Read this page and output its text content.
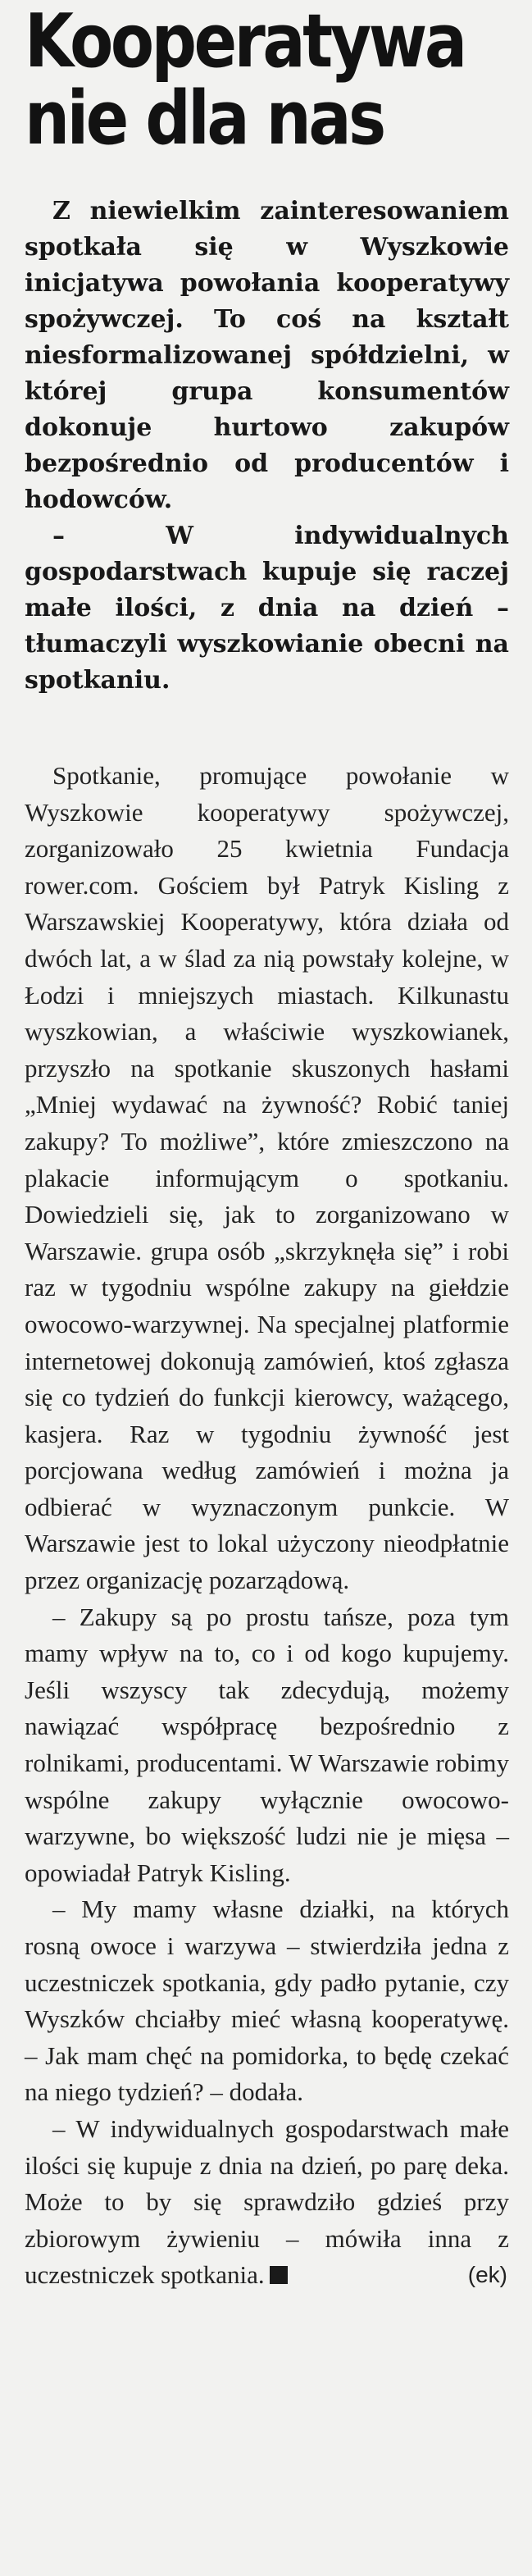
Kooperatywa
nie dla nas

Z niewielkim zainteresowaniem spotkała się w Wyszkowie inicjatywa powołania kooperatywy spożywczej. To coś na kształt niesformalizowanej spółdzielni, w której grupa konsumentów dokonuje hurtowo zakupów bezpośrednio od producentów i hodowców.

– W indywidualnych gospodarstwach kupuje się raczej małe ilości, z dnia na dzień – tłumaczyli wyszkowianie obecni na spotkaniu.

Spotkanie, promujące powołanie w Wyszkowie kooperatywy spożywczej, zorganizowało 25 kwietnia Fundacja rower.com. Gościem był Patryk Kisling z Warszawskiej Kooperatywy, która działa od dwóch lat, a w ślad za nią powstały kolejne, w Łodzi i mniejszych miastach. Kilkunastu wyszkowian, a właściwie wyszkowianek, przyszło na spotkanie skuszonych hasłami „Mniej wydawać na żywność? Robić taniej zakupy? To możliwe”, które zmieszczono na plakacie informującym o spotkaniu. Dowiedzieli się, jak to zorganizowano w Warszawie. grupa osób „skrzyknęła się” i robi raz w tygodniu wspólne zakupy na giełdzie owocowo-warzywnej. Na specjalnej platformie internetowej dokonują zamówień, ktoś zgłasza się co tydzień do funkcji kierowcy, ważącego, kasjera. Raz w tygodniu żywność jest porcjowana według zamówień i można ja odbierać w wyznaczonym punkcie. W Warszawie jest to lokal użyczony nieodpłatnie przez organizację pozarządową.

– Zakupy są po prostu tańsze, poza tym mamy wpływ na to, co i od kogo kupujemy. Jeśli wszyscy tak zdecydują, możemy nawiązać współpracę bezpośrednio z rolnikami, producentami. W Warszawie robimy wspólne zakupy wyłącznie owocowo-warzywne, bo większość ludzi nie je mięsa – opowiadał Patryk Kisling.

– My mamy własne działki, na których rosną owoce i warzywa – stwierdziła jedna z uczestniczek spotkania, gdy padło pytanie, czy Wyszków chciałby mieć własną kooperatywę. – Jak mam chęć na pomidorka, to będę czekać na niego tydzień? – dodała.

– W indywidualnych gospodarstwach małe ilości się kupuje z dnia na dzień, po parę deka. Może to by się sprawdziło gdzieś przy zbiorowym żywieniu – mówiła inna z uczestniczek spotkania.	(ek)
